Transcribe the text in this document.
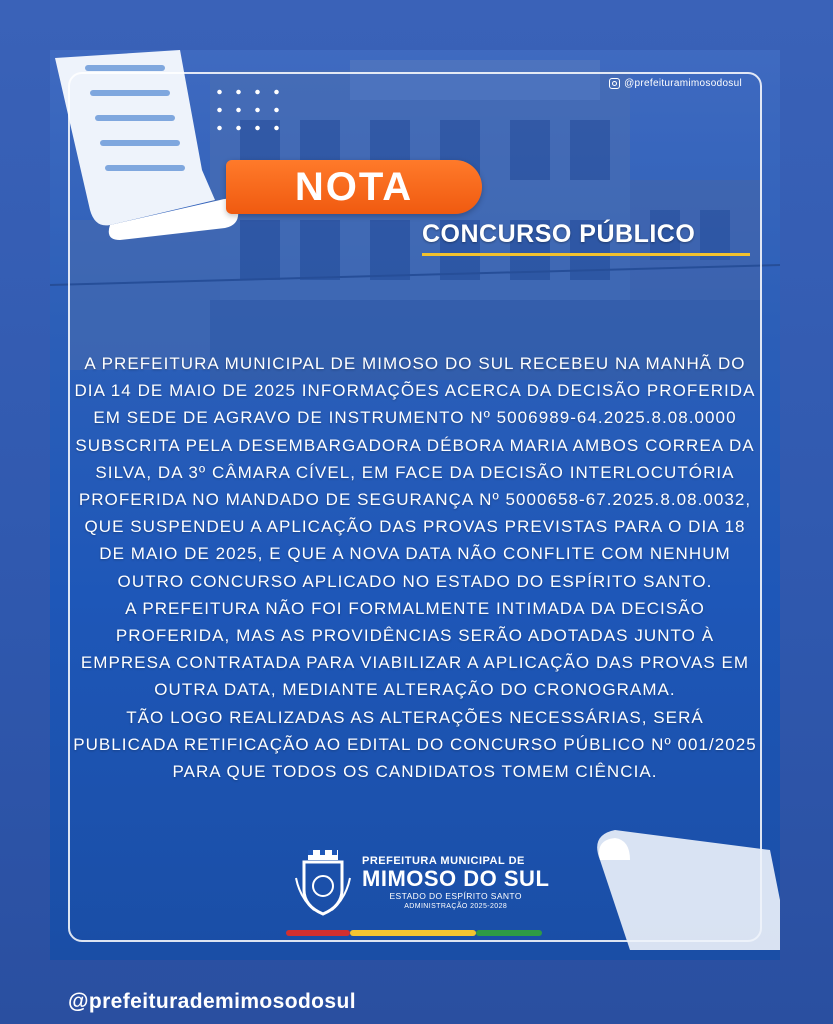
@prefeituramimosodosul
NOTA
CONCURSO PÚBLICO

A PREFEITURA MUNICIPAL DE MIMOSO DO SUL RECEBEU NA MANHÃ DO DIA 14 DE MAIO DE 2025 INFORMAÇÕES ACERCA DA DECISÃO PROFERIDA EM SEDE DE AGRAVO DE INSTRUMENTO Nº 5006989-64.2025.8.08.0000 SUBSCRITA PELA DESEMBARGADORA DÉBORA MARIA AMBOS CORREA DA SILVA, DA 3º CÂMARA CÍVEL, EM FACE DA DECISÃO INTERLOCUTÓRIA PROFERIDA NO MANDADO DE SEGURANÇA Nº 5000658-67.2025.8.08.0032, QUE SUSPENDEU A APLICAÇÃO DAS PROVAS PREVISTAS PARA O DIA 18 DE MAIO DE 2025, E QUE A NOVA DATA NÃO CONFLITE COM NENHUM OUTRO CONCURSO APLICADO NO ESTADO DO ESPÍRITO SANTO.

A PREFEITURA NÃO FOI FORMALMENTE INTIMADA DA DECISÃO PROFERIDA, MAS AS PROVIDÊNCIAS SERÃO ADOTADAS JUNTO À EMPRESA CONTRATADA PARA VIABILIZAR A APLICAÇÃO DAS PROVAS EM OUTRA DATA, MEDIANTE ALTERAÇÃO DO CRONOGRAMA.

TÃO LOGO REALIZADAS AS ALTERAÇÕES NECESSÁRIAS, SERÁ PUBLICADA RETIFICAÇÃO AO EDITAL DO CONCURSO PÚBLICO Nº 001/2025 PARA QUE TODOS OS CANDIDATOS TOMEM CIÊNCIA.

PREFEITURA MUNICIPAL DE
MIMOSO DO SUL
ESTADO DO ESPÍRITO SANTO
ADMINISTRAÇÃO 2025-2028
@prefeiturademimosodosul
